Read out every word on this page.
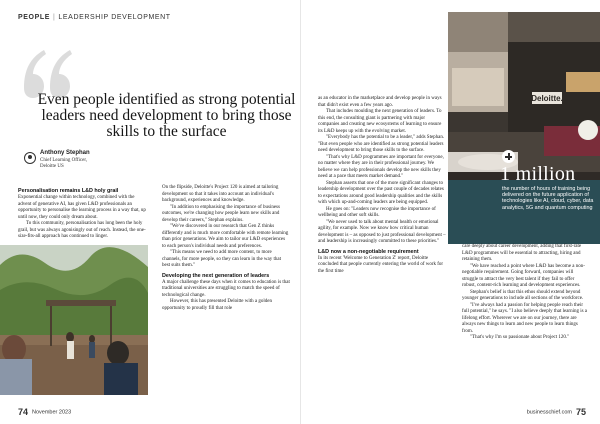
PEOPLE | LEADERSHIP DEVELOPMENT
Even people identified as strong potential leaders need development to bring those skills to the surface
Anthony Stephan
Chief Learning Officer,
Deloitte US
Personalisation remains L&D holy grail

Exponential change within technology, combined with the advent of generative AI, has given L&D professionals an opportunity to personalise the learning process in a way that, up until now, they could only dream about.

To this community, personalisation has long been the holy grail, but was always agonisingly out of reach. Instead, the one-size-fits-all approach has continued to linger.

On the flipside, Deloitte's Project 120 is aimed at tailoring development so that it takes into account an individual's background, experiences and knowledge.

"In addition to emphasising the importance of business outcomes, we're changing how people learn new skills and develop their careers," Stephan explains.

"We've discovered in our research that Gen Z thinks differently and is much more comfortable with remote learning than prior generations. We aim to tailor our L&D experiences to each person's individual needs and preferences.

"This means we need to add more content, to more channels, for more people, so they can learn in the way that best suits them."

Developing the next generation of leaders

A major challenge these days when it comes to education is that traditional universities are struggling to match the speed of technological change.

However, this has presented Deloitte with a golden opportunity to proudly fill that role

as an educator in the marketplace and develop people in ways that didn't exist even a few years ago.

That includes moulding the next generation of leaders. To this end, the consulting giant is partnering with major companies and creating new ecosystems of learning to ensure its L&D keeps up with the evolving market.

"Everybody has the potential to be a leader," adds Stephan. "But even people who are identified as strong potential leaders need development to bring those skills to the surface.

"That's why L&D programmes are important for everyone, no matter where they are in their professional journey. We believe we can help professionals develop the new skills they need at a pace that meets market demand."

Stephan asserts that one of the more significant changes to leadership development over the past couple of decades relates to expectations around good leadership qualities and the skills with which up-and-coming leaders are being equipped.

He goes on: "Leaders now recognise the importance of wellbeing and other soft skills.

"We never used to talk about mental health or emotional agility, for example. Now we know how critical human development is – as opposed to just professional development – and leadership is increasingly committed to these priorities."

L&D now a non-negotiable requirement

In its recent 'Welcome to Generation Z' report, Deloitte concluded that people currently entering the world of work for the first time

Deloitte.
1 million
the number of hours of training being delivered on the future application of technologies like AI, cloud, cyber, data analytics, 5G and quantum computing

care deeply about career development, adding that first-rate L&D programmes will be essential to attracting, hiring and retaining them.

"We have reached a point where L&D has become a non-negotiable requirement. Going forward, companies will struggle to attract the very best talent if they fail to offer robust, content-rich learning and development experiences.

Stephan's belief is that this ethos should extend beyond younger generations to include all sections of the workforce.

"I've always had a passion for helping people reach their full potential," he says. "I also believe deeply that learning is a lifelong effort. Wherever we are on our journey, there are always new things to learn and new people to learn things from.

"That's why I'm so passionate about Project 120."

74 November 2023	businesschief.com 75
